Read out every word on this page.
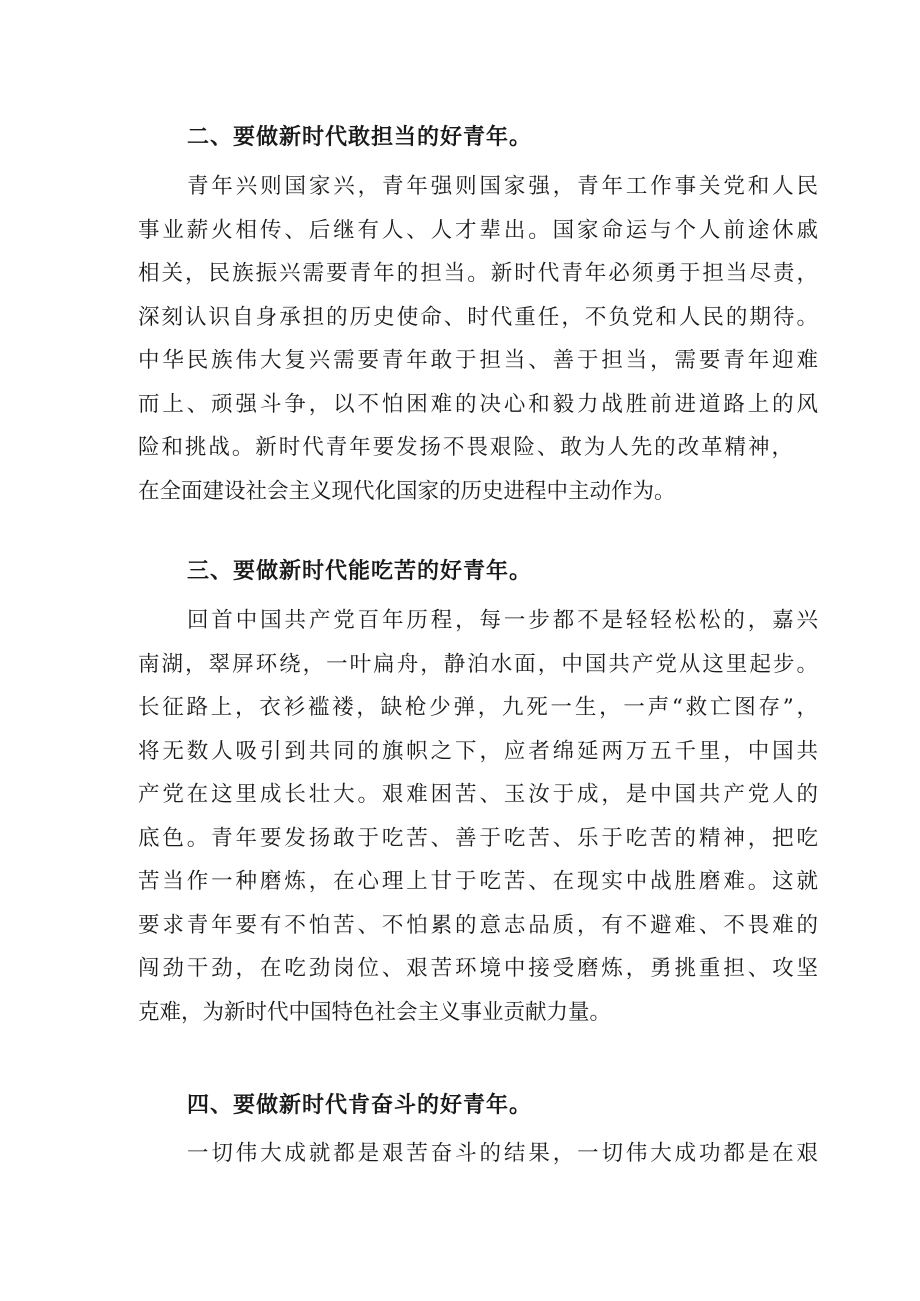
二、要做新时代敢担当的好青年。
青年兴则国家兴，青年强则国家强，青年工作事关党和人民
事业薪火相传、后继有人、人才辈出。国家命运与个人前途休戚
相关，民族振兴需要青年的担当。新时代青年必须勇于担当尽责，
深刻认识自身承担的历史使命、时代重任，不负党和人民的期待。
中华民族伟大复兴需要青年敢于担当、善于担当，需要青年迎难
而上、顽强斗争，以不怕困难的决心和毅力战胜前进道路上的风
险和挑战。新时代青年要发扬不畏艰险、敢为人先的改革精神，
在全面建设社会主义现代化国家的历史进程中主动作为。
三、要做新时代能吃苦的好青年。
回首中国共产党百年历程，每一步都不是轻轻松松的，嘉兴
南湖，翠屏环绕，一叶扁舟，静泊水面，中国共产党从这里起步。
长征路上，衣衫褴褛，缺枪少弹，九死一生，一声“救亡图存”，
将无数人吸引到共同的旗帜之下，应者绵延两万五千里，中国共
产党在这里成长壮大。艰难困苦、玉汝于成，是中国共产党人的
底色。青年要发扬敢于吃苦、善于吃苦、乐于吃苦的精神，把吃
苦当作一种磨炼，在心理上甘于吃苦、在现实中战胜磨难。这就
要求青年要有不怕苦、不怕累的意志品质，有不避难、不畏难的
闯劲干劲，在吃劲岗位、艰苦环境中接受磨炼，勇挑重担、攻坚
克难，为新时代中国特色社会主义事业贡献力量。
四、要做新时代肯奋斗的好青年。
一切伟大成就都是艰苦奋斗的结果，一切伟大成功都是在艰
